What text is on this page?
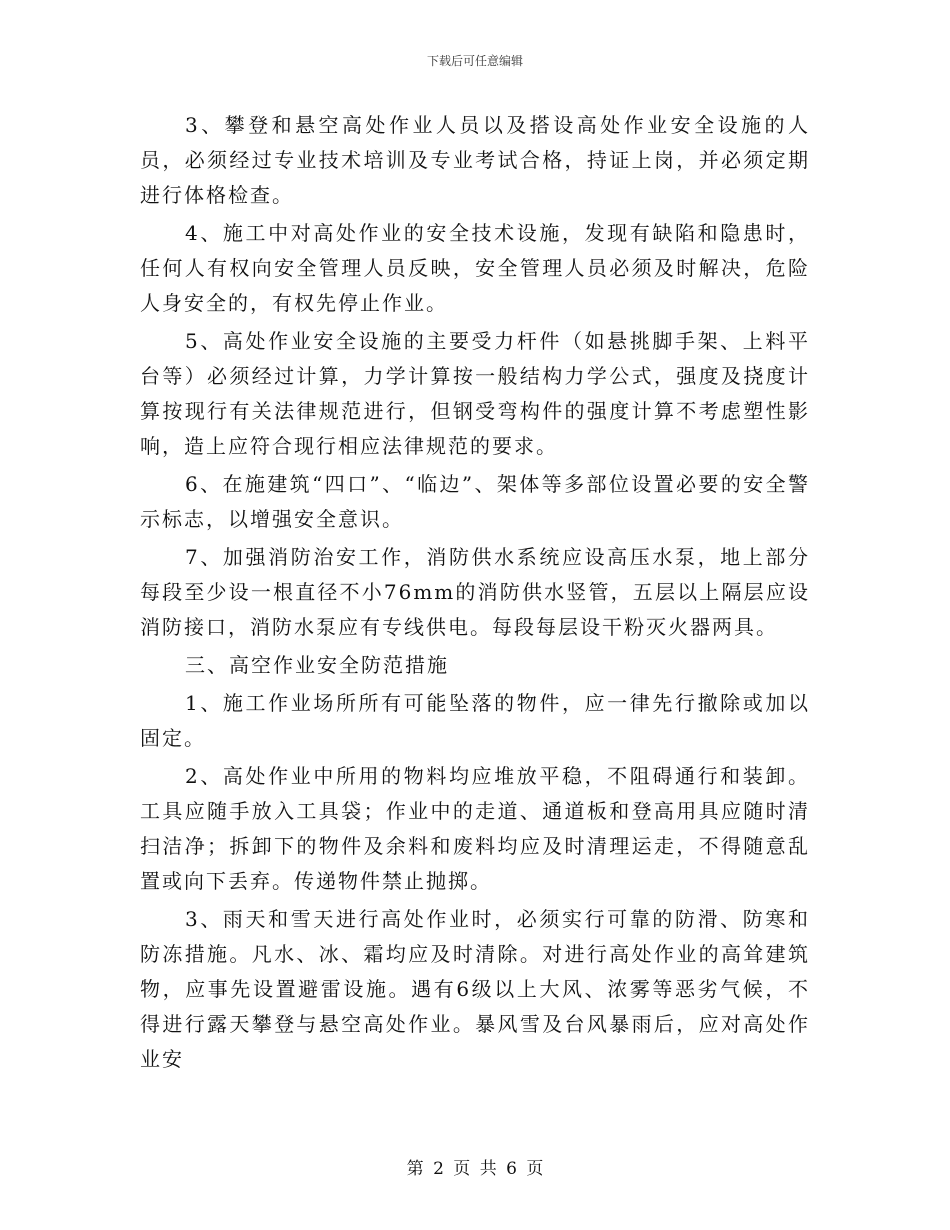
下载后可任意编辑

3、攀登和悬空高处作业人员以及搭设高处作业安全设施的人员，必须经过专业技术培训及专业考试合格，持证上岗，并必须定期进行体格检查。

4、施工中对高处作业的安全技术设施，发现有缺陷和隐患时，任何人有权向安全管理人员反映，安全管理人员必须及时解决，危险人身安全的，有权先停止作业。

5、高处作业安全设施的主要受力杆件（如悬挑脚手架、上料平台等）必须经过计算，力学计算按一般结构力学公式，强度及挠度计算按现行有关法律规范进行，但钢受弯构件的强度计算不考虑塑性影响，造上应符合现行相应法律规范的要求。

6、在施建筑“四口”、“临边”、架体等多部位设置必要的安全警示标志，以增强安全意识。

7、加强消防治安工作，消防供水系统应设高压水泵，地上部分每段至少设一根直径不小76mm的消防供水竖管，五层以上隔层应设消防接口，消防水泵应有专线供电。每段每层设干粉灭火器两具。

三、高空作业安全防范措施

1、施工作业场所所有可能坠落的物件，应一律先行撤除或加以固定。

2、高处作业中所用的物料均应堆放平稳，不阻碍通行和装卸。工具应随手放入工具袋；作业中的走道、通道板和登高用具应随时清扫洁净；拆卸下的物件及余料和废料均应及时清理运走，不得随意乱置或向下丢弃。传递物件禁止抛掷。

3、雨天和雪天进行高处作业时，必须实行可靠的防滑、防寒和防冻措施。凡水、冰、霜均应及时清除。对进行高处作业的高耸建筑物，应事先设置避雷设施。遇有6级以上大风、浓雾等恶劣气候，不得进行露天攀登与悬空高处作业。暴风雪及台风暴雨后，应对高处作业安

第 2 页 共 6 页
